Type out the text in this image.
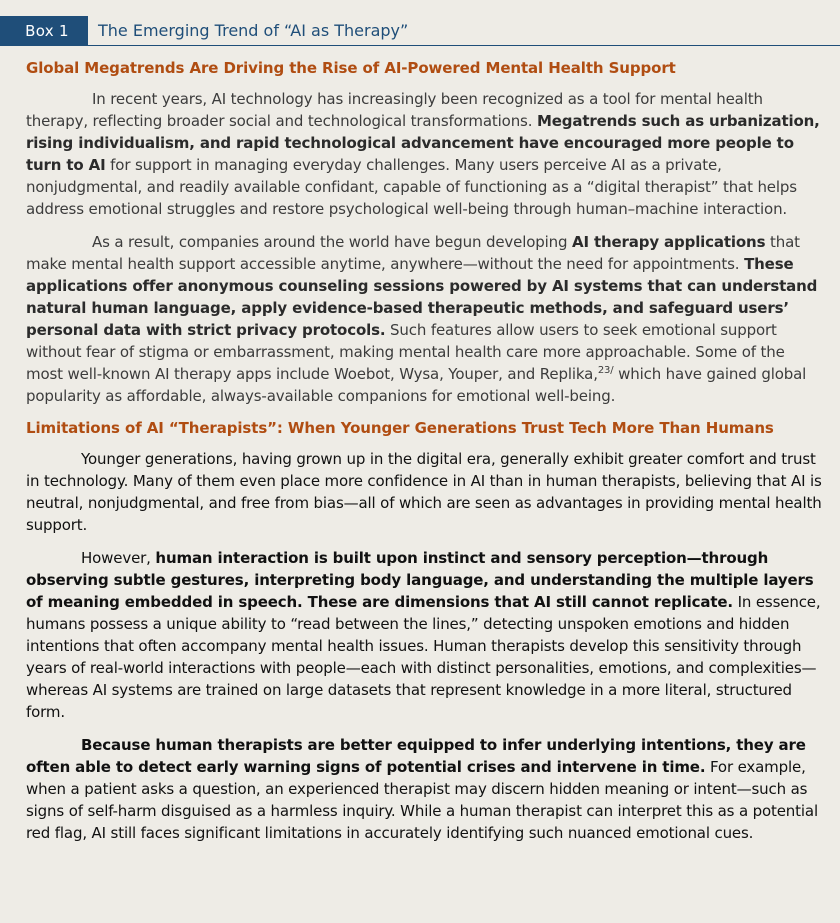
Box 1	The Emerging Trend of “AI as Therapy”
Global Megatrends Are Driving the Rise of AI-Powered Mental Health Support

In recent years, AI technology has increasingly been recognized as a tool for mental health therapy, reflecting broader social and technological transformations. Megatrends such as urbanization, rising individualism, and rapid technological advancement have encouraged more people to turn to AI for support in managing everyday challenges. Many users perceive AI as a private, nonjudgmental, and readily available confidant, capable of functioning as a “digital therapist” that helps address emotional struggles and restore psychological well-being through human–machine interaction.

As a result, companies around the world have begun developing AI therapy applications that make mental health support accessible anytime, anywhere—without the need for appointments. These applications offer anonymous counseling sessions powered by AI systems that can understand natural human language, apply evidence-based therapeutic methods, and safeguard users’ personal data with strict privacy protocols. Such features allow users to seek emotional support without fear of stigma or embarrassment, making mental health care more approachable. Some of the most well-known AI therapy apps include Woebot, Wysa, Youper, and Replika,$^{23/}$ which have gained global popularity as affordable, always-available companions for emotional well-being.

Limitations of AI “Therapists”: When Younger Generations Trust Tech More Than Humans

Younger generations, having grown up in the digital era, generally exhibit greater comfort and trust in technology. Many of them even place more confidence in AI than in human therapists, believing that AI is neutral, nonjudgmental, and free from bias—all of which are seen as advantages in providing mental health support.

However, human interaction is built upon instinct and sensory perception—through observing subtle gestures, interpreting body language, and understanding the multiple layers of meaning embedded in speech. These are dimensions that AI still cannot replicate. In essence, humans possess a unique ability to “read between the lines,” detecting unspoken emotions and hidden intentions that often accompany mental health issues. Human therapists develop this sensitivity through years of real-world interactions with people—each with distinct personalities, emotions, and complexities—whereas AI systems are trained on large datasets that represent knowledge in a more literal, structured form.

Because human therapists are better equipped to infer underlying intentions, they are often able to detect early warning signs of potential crises and intervene in time. For example, when a patient asks a question, an experienced therapist may discern hidden meaning or intent—such as signs of self-harm disguised as a harmless inquiry. While a human therapist can interpret this as a potential red flag, AI still faces significant limitations in accurately identifying such nuanced emotional cues.
